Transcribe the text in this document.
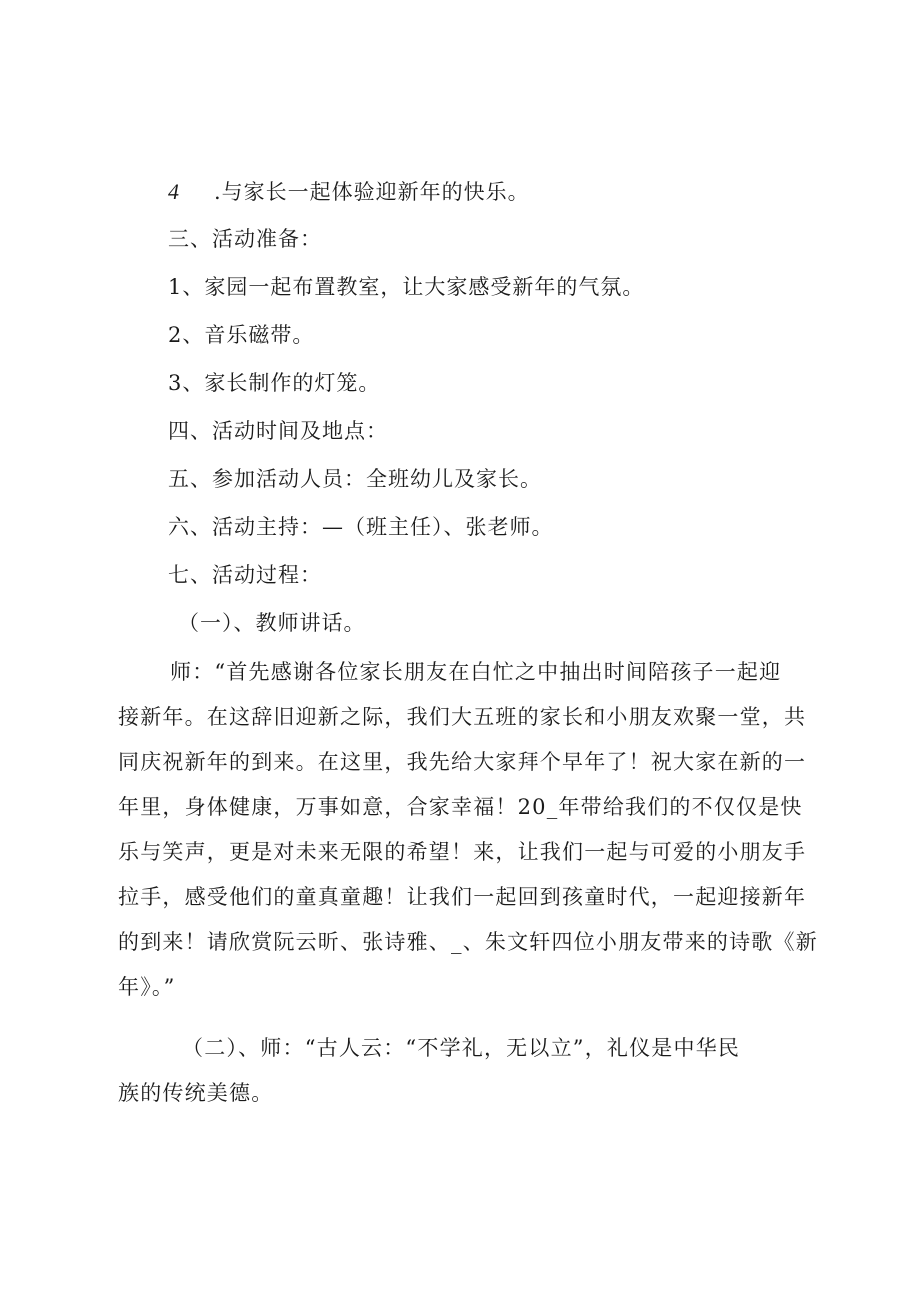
4 .与家长一起体验迎新年的快乐。
三、活动准备：
1、家园一起布置教室，让大家感受新年的气氛。
2、音乐磁带。
3、家长制作的灯笼。
四、活动时间及地点：
五、参加活动人员：全班幼儿及家长。
六、活动主持：—（班主任）、张老师。
七、活动过程：
（一）、教师讲话。
师：“首先感谢各位家长朋友在白忙之中抽出时间陪孩子一起迎
接新年。在这辞旧迎新之际，我们大五班的家长和小朋友欢聚一堂，共
同庆祝新年的到来。在这里，我先给大家拜个早年了！祝大家在新的一
年里，身体健康，万事如意，合家幸福！20_年带给我们的不仅仅是快
乐与笑声，更是对未来无限的希望！来，让我们一起与可爱的小朋友手
拉手，感受他们的童真童趣！让我们一起回到孩童时代，一起迎接新年
的到来！请欣赏阮云昕、张诗雅、_、朱文轩四位小朋友带来的诗歌《新
年》。”
（二）、师：“古人云：“不学礼，无以立”，礼仪是中华民
族的传统美德。
